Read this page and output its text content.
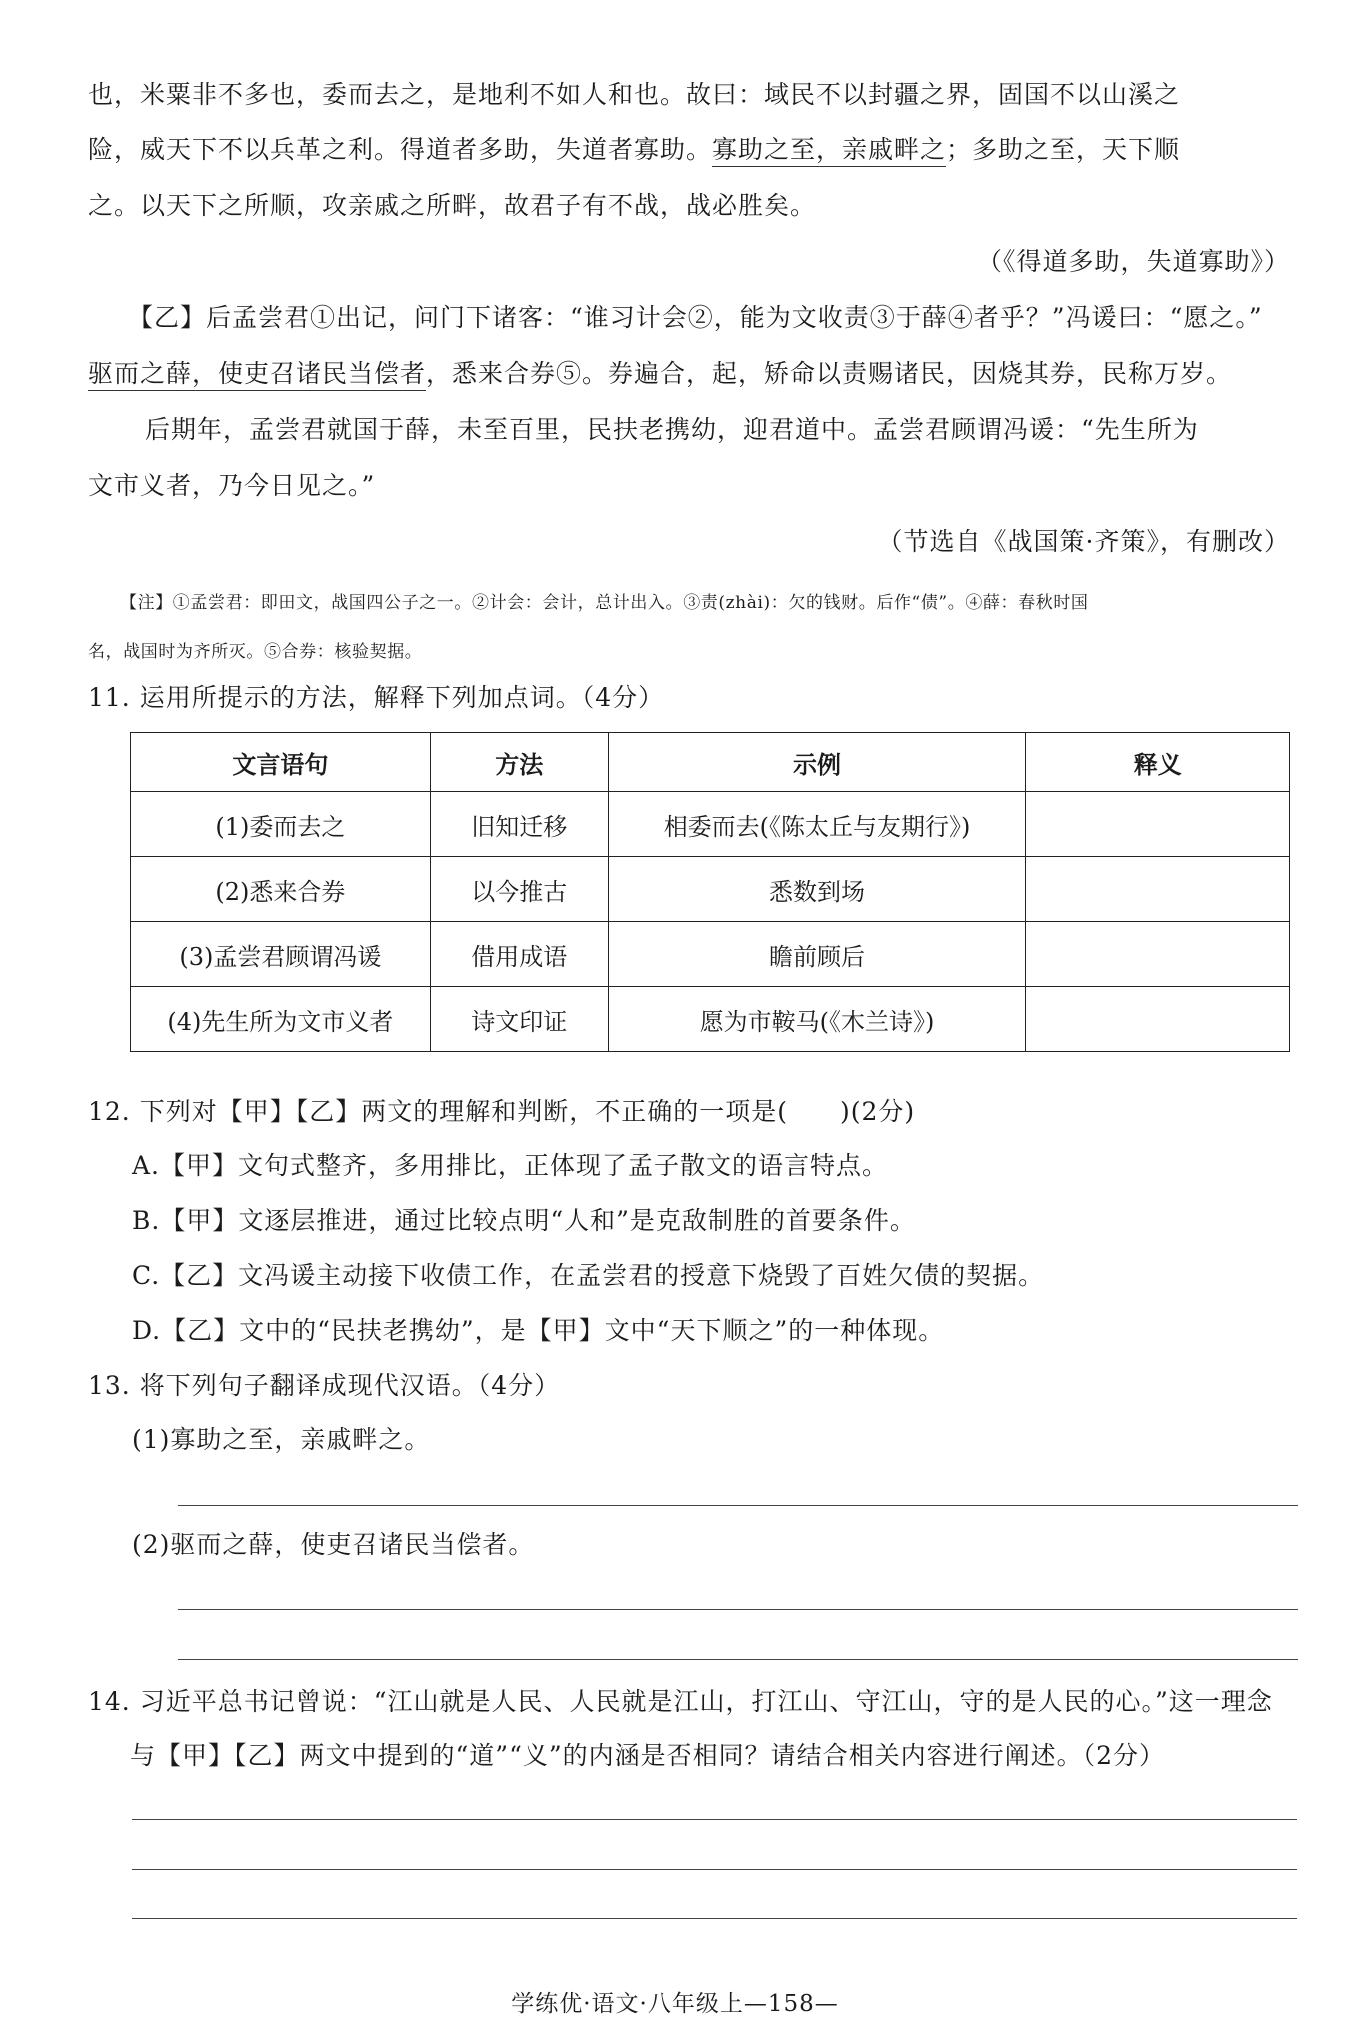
也，米粟非不多也，委而去之，是地利不如人和也。故曰：域民不以封疆之界，固国不以山溪之
险，威天下不以兵革之利。得道者多助，失道者寡助。寡助之至，亲戚畔之；多助之至，天下顺
之。以天下之所顺，攻亲戚之所畔，故君子有不战，战必胜矣。
（《得道多助，失道寡助》）
【乙】后孟尝君①出记，问门下诸客：“谁习计会②，能为文收责③于薛④者乎？”冯谖曰：“愿之。”
驱而之薛，使吏召诸民当偿者，悉来合券⑤。券遍合，起，矫命以责赐诸民，因烧其券，民称万岁。
后期年，孟尝君就国于薛，未至百里，民扶老携幼，迎君道中。孟尝君顾谓冯谖：“先生所为
文市义者，乃今日见之。”
（节选自《战国策·齐策》，有删改）
【注】①孟尝君：即田文，战国四公子之一。②计会：会计，总计出入。③责(zhài)：欠的钱财。后作“债”。④薛：春秋时国
名，战国时为齐所灭。⑤合券：核验契据。
11. 运用所提示的方法，解释下列加点词。（4分）
文言语句	方法	示例	释义
(1)委而去之	旧知迁移	相委而去(《陈太丘与友期行》)	
(2)悉来合券	以今推古	悉数到场	
(3)孟尝君顾谓冯谖	借用成语	瞻前顾后	
(4)先生所为文市义者	诗文印证	愿为市鞍马(《木兰诗》)	
12. 下列对【甲】【乙】两文的理解和判断，不正确的一项是(　　)(2分)
A.【甲】文句式整齐，多用排比，正体现了孟子散文的语言特点。
B.【甲】文逐层推进，通过比较点明“人和”是克敌制胜的首要条件。
C.【乙】文冯谖主动接下收债工作，在孟尝君的授意下烧毁了百姓欠债的契据。
D.【乙】文中的“民扶老携幼”，是【甲】文中“天下顺之”的一种体现。
13. 将下列句子翻译成现代汉语。（4分）
(1)寡助之至，亲戚畔之。
(2)驱而之薛，使吏召诸民当偿者。
14. 习近平总书记曾说：“江山就是人民、人民就是江山，打江山、守江山，守的是人民的心。”这一理念
与【甲】【乙】两文中提到的“道”“义”的内涵是否相同？请结合相关内容进行阐述。（2分）
学练优·语文·八年级上—158—
